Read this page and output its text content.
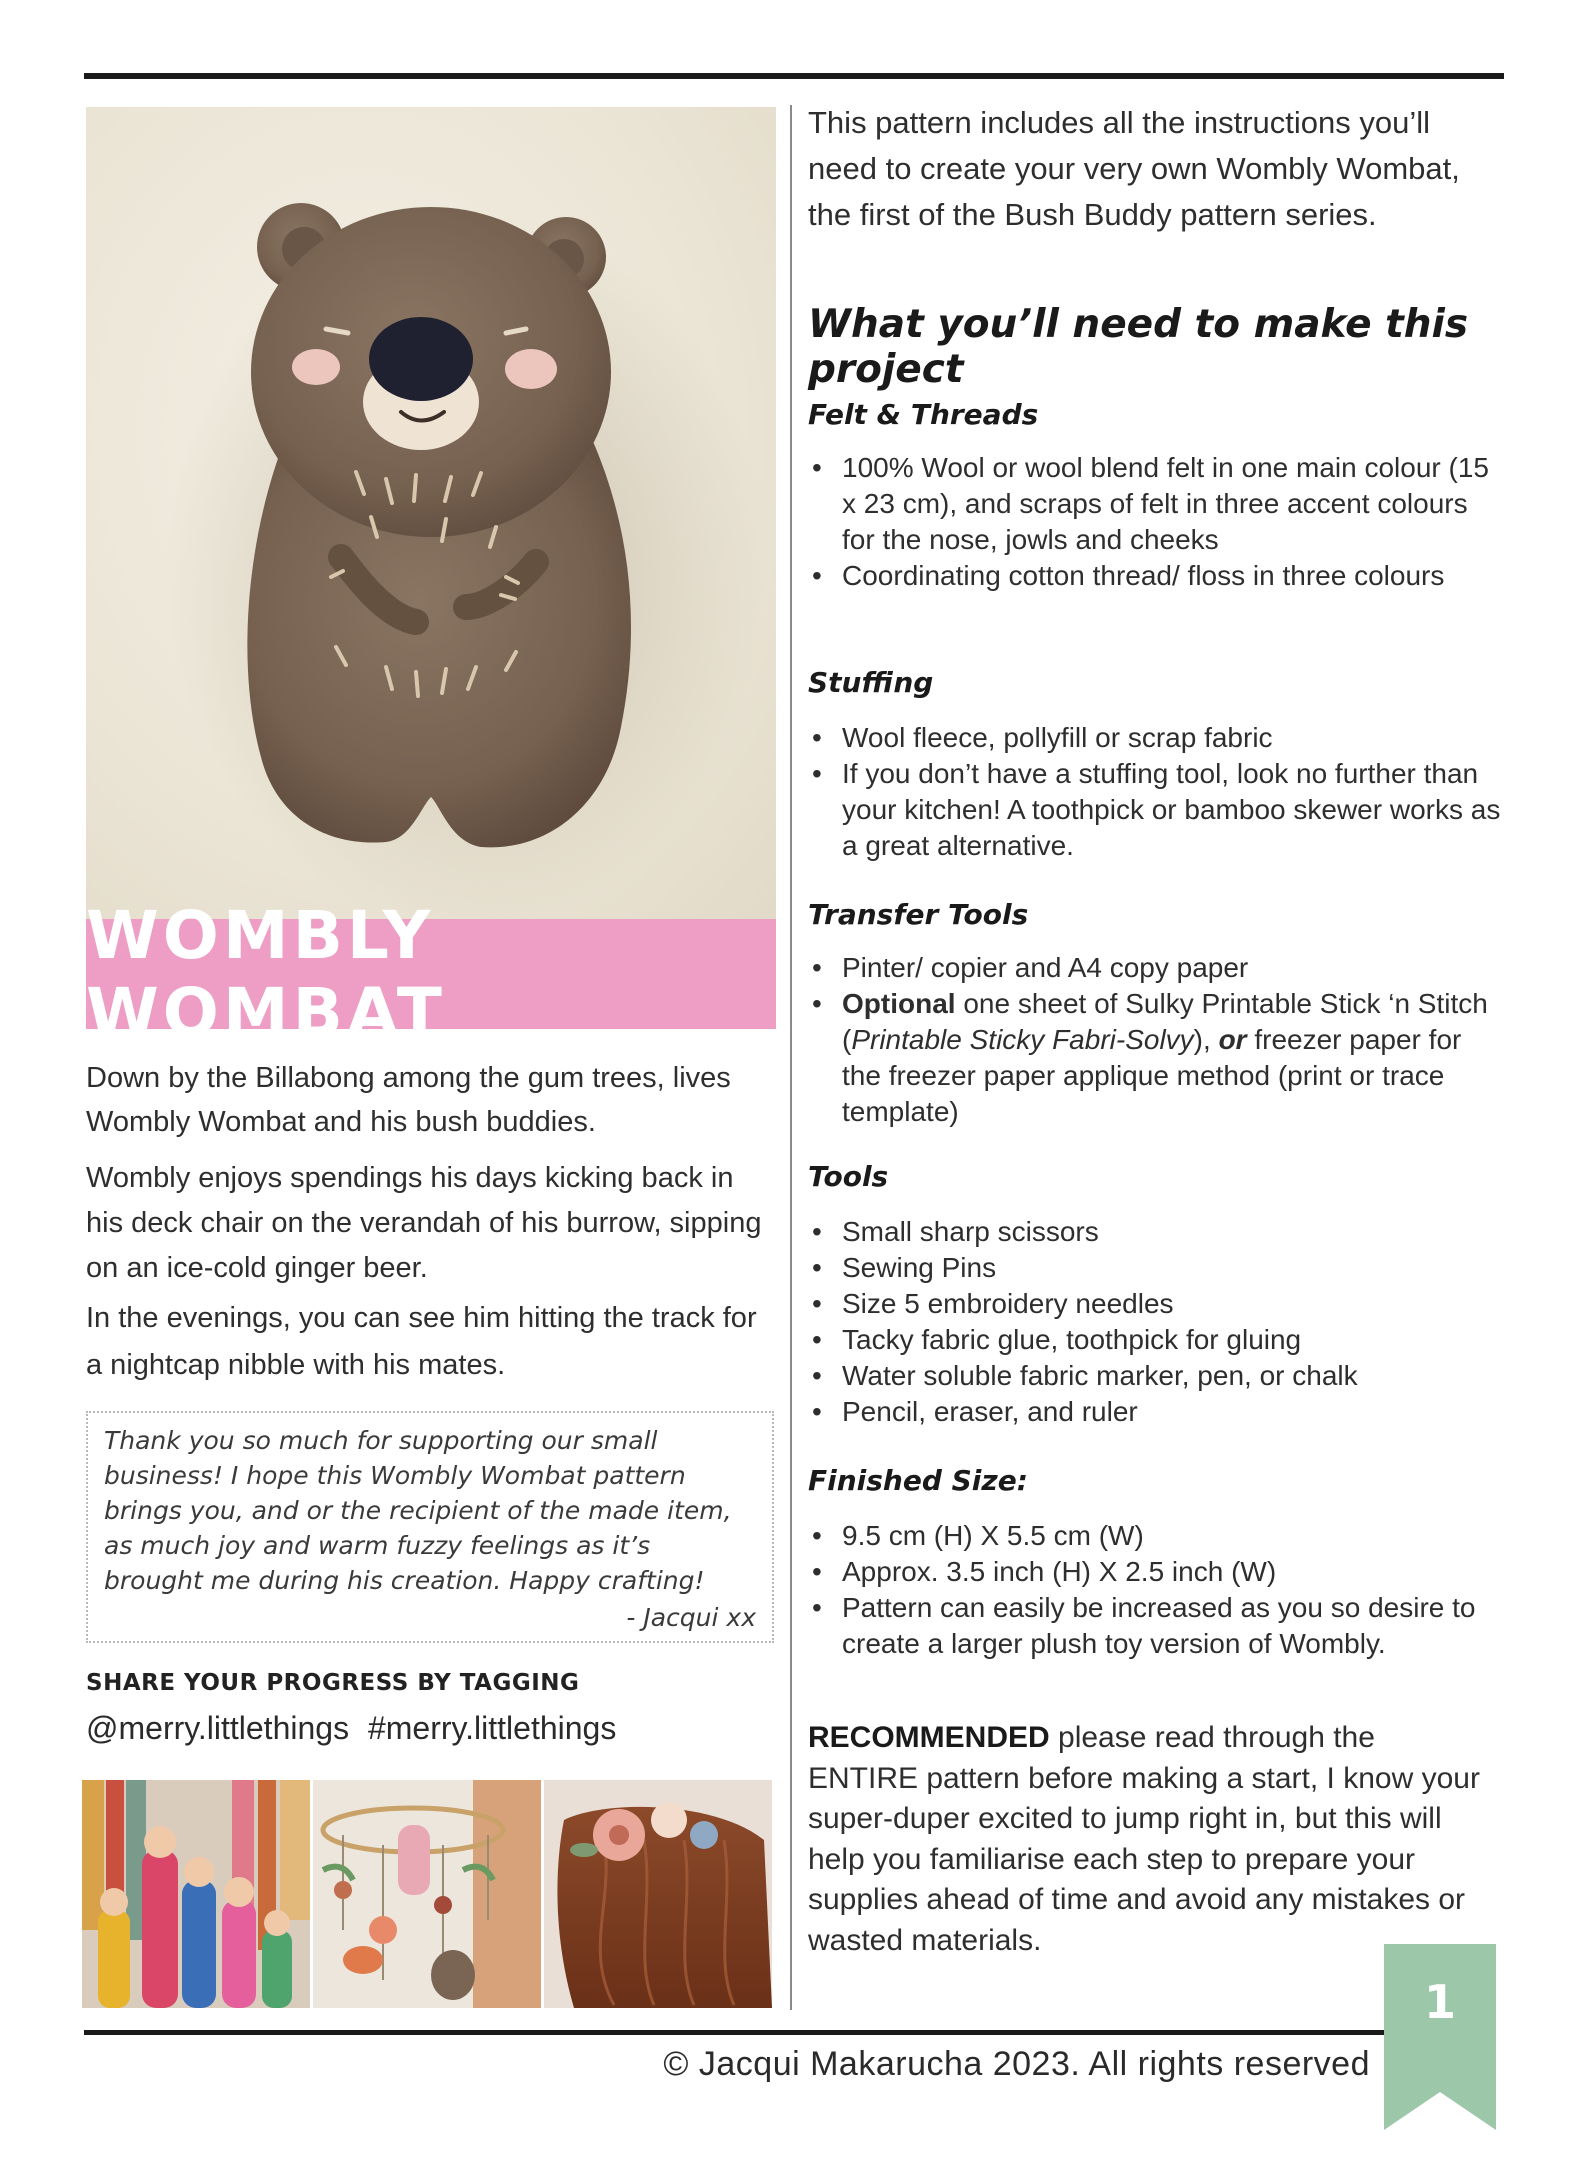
WOMBLY WOMBAT

Down by the Billabong among the gum trees, lives Wombly Wombat and his bush buddies.

Wombly enjoys spendings his days kicking back in his deck chair on the verandah of his burrow, sipping on an ice-cold ginger beer.

In the evenings, you can see him hitting the track for a nightcap nibble with his mates.

Thank you so much for supporting our small business! I hope this Wombly Wombat pattern brings you, and or the recipient of the made item, as much joy and warm fuzzy feelings as it’s brought me during his creation. Happy crafting!
- Jacqui xx
SHARE YOUR PROGRESS BY TAGGING
@merry.littlethings #merry.littlethings
This pattern includes all the instructions you’ll need to create your very own Wombly Wombat, the first of the Bush Buddy pattern series.
What you’ll need to make this project
Felt & Threads
• 100% Wool or wool blend felt in one main colour (15 x 23 cm), and scraps of felt in three accent colours for the nose, jowls and cheeks
• Coordinating cotton thread/ floss in three colours
Stuffing
• Wool fleece, pollyfill or scrap fabric
• If you don’t have a stuffing tool, look no further than your kitchen! A toothpick or bamboo skewer works as a great alternative.
Transfer Tools
• Pinter/ copier and A4 copy paper
• Optional one sheet of Sulky Printable Stick ‘n Stitch (Printable Sticky Fabri-Solvy), or freezer paper for the freezer paper applique method (print or trace template)
Tools
• Small sharp scissors
• Sewing Pins
• Size 5 embroidery needles
• Tacky fabric glue, toothpick for gluing
• Water soluble fabric marker, pen, or chalk
• Pencil, eraser, and ruler
Finished Size:
• 9.5 cm (H) X 5.5 cm (W)
• Approx. 3.5 inch (H) X 2.5 inch (W)
• Pattern can easily be increased as you so desire to create a larger plush toy version of Wombly.
RECOMMENDED please read through the ENTIRE pattern before making a start, I know your super-duper excited to jump right in, but this will help you familiarise each step to prepare your supplies ahead of time and avoid any mistakes or wasted materials.
1
© Jacqui Makarucha 2023. All rights reserved
